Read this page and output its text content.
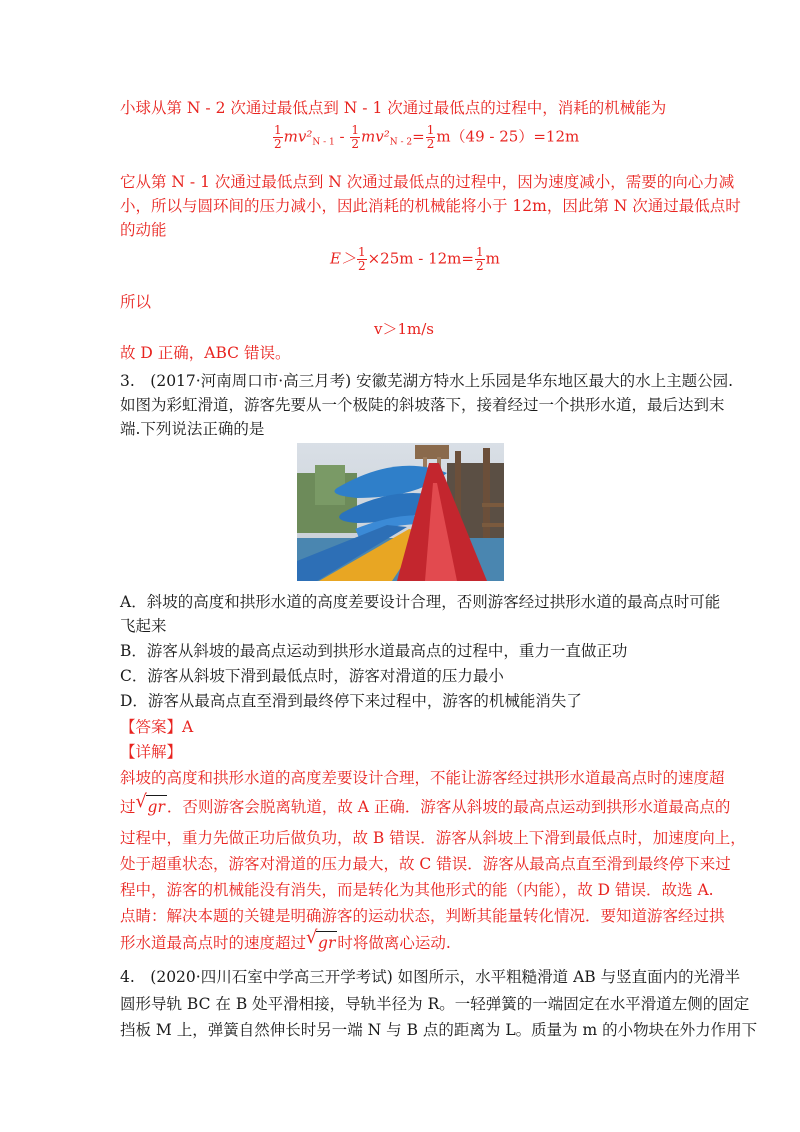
小球从第 N - 2 次通过最低点到 N - 1 次通过最低点的过程中，消耗的机械能为
$\frac{1}{2} mv^2_{N - 1} - \frac{1}{2} mv^2_{N - 2}= \frac{1}{2} m(49 - 25)=12m$
它从第 N - 1 次通过最低点到 N 次通过最低点的过程中，因为速度减小，需要的向心力减
小，所以与圆环间的压力减小，因此消耗的机械能将小于 12m，因此第 N 次通过最低点时
的动能
$E> \frac{1}{2} \times 25m - 12m= \frac{1}{2}$ m
所以
v＞1m/s
故 D 正确，ABC 错误。
3.　(2017·河南周口市·高三月考) 安徽芜湖方特水上乐园是华东地区最大的水上主题公园.
如图为彩虹滑道，游客先要从一个极陡的斜坡落下，接着经过一个拱形水道，最后达到末
端.下列说法正确的是
A．斜坡的高度和拱形水道的高度差要设计合理，否则游客经过拱形水道的最高点时可能
飞起来
B．游客从斜坡的最高点运动到拱形水道最高点的过程中，重力一直做正功
C．游客从斜坡下滑到最低点时，游客对滑道的压力最小
D．游客从最高点直至滑到最终停下来过程中，游客的机械能消失了
【答案】A
【详解】
斜坡的高度和拱形水道的高度差要设计合理，不能让游客经过拱形水道最高点时的速度超
过 √ gr ．否则游客会脱离轨道，故 A 正确．游客从斜坡的最高点运动到拱形水道最高点的
过程中，重力先做正功后做负功，故 B 错误．游客从斜坡上下滑到最低点时，加速度向上，
处于超重状态，游客对滑道的压力最大，故 C 错误．游客从最高点直至滑到最终停下来过
程中，游客的机械能没有消失，而是转化为其他形式的能（内能），故 D 错误．故选 A.
点睛：解决本题的关键是明确游客的运动状态，判断其能量转化情况．要知道游客经过拱
形水道最高点时的速度超过 √ gr 时将做离心运动.
4.　(2020·四川石室中学高三开学考试) 如图所示，水平粗糙滑道 AB 与竖直面内的光滑半
圆形导轨 BC 在 B 处平滑相接，导轨半径为 R。一轻弹簧的一端固定在水平滑道左侧的固定
挡板 M 上，弹簧自然伸长时另一端 N 与 B 点的距离为 L。质量为 m 的小物块在外力作用下
